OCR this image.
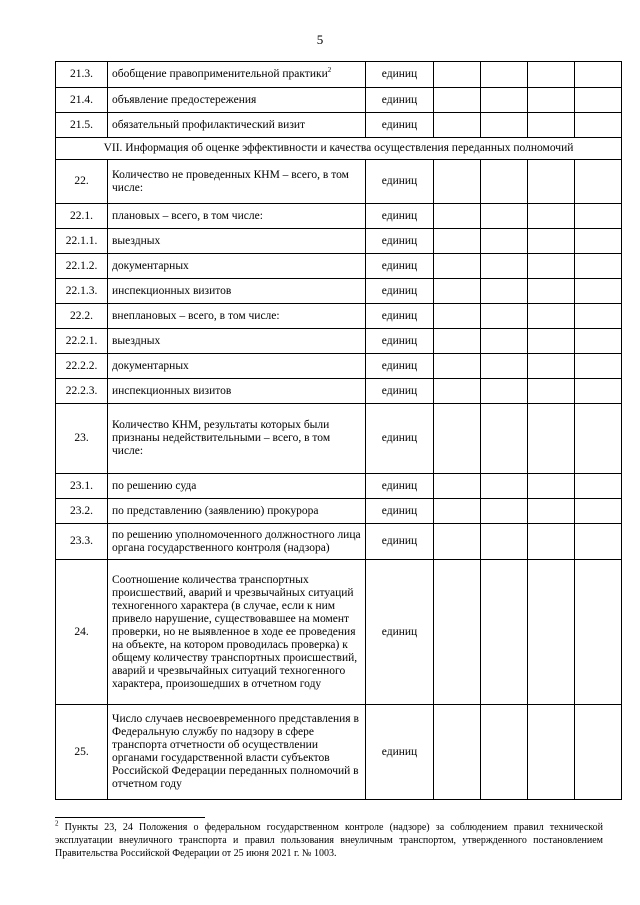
5
21.3.	обобщение правоприменительной практики$^2$	единиц				
21.4.	объявление предостережения	единиц				
21.5.	обязательный профилактический визит	единиц				
VII. Информация об оценке эффективности и качества осуществления переданных полномочий						
22.	Количество не проведенных КНМ – всего, в том числе:	единиц				
22.1.	плановых – всего, в том числе:	единиц				
22.1.1.	выездных	единиц				
22.1.2.	документарных	единиц				
22.1.3.	инспекционных визитов	единиц				
22.2.	внеплановых – всего, в том числе:	единиц				
22.2.1.	выездных	единиц				
22.2.2.	документарных	единиц				
22.2.3.	инспекционных визитов	единиц				
23.	Количество КНМ, результаты которых были признаны недействительными – всего, в том числе:	единиц				
23.1.	по решению суда	единиц				
23.2.	по представлению (заявлению) прокурора	единиц				
23.3.	по решению уполномоченного должностного лица органа государственного контроля (надзора)	единиц				
24.	Соотношение количества транспортных происшествий, аварий и чрезвычайных ситуаций техногенного характера (в случае, если к ним привело нарушение, существовавшее на момент проверки, но не выявленное в ходе ее проведения на объекте, на котором проводилась проверка) к общему количеству транспортных происшествий, аварий и чрезвычайных ситуаций техногенного характера, произошедших в отчетном году	единиц				
25.	Число случаев несвоевременного представления в Федеральную службу по надзору в сфере транспорта отчетности об осуществлении органами государственной власти субъектов Российской Федерации переданных полномочий в отчетном году	единиц				
$^2$ Пункты 23, 24 Положения о федеральном государственном контроле (надзоре) за соблюдением правил технической эксплуатации внеуличного транспорта и правил пользования внеуличным транспортом, утвержденного постановлением Правительства Российской Федерации от 25 июня 2021 г. № 1003.
